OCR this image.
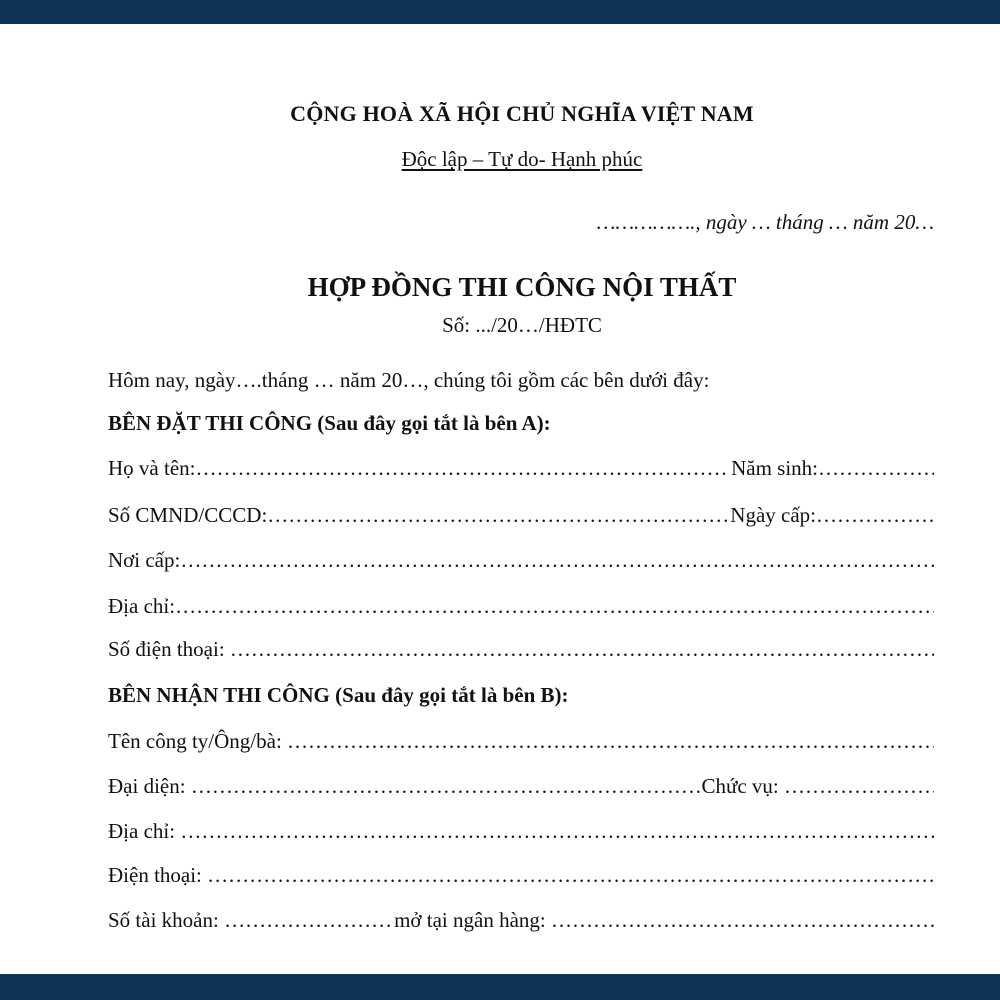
CỘNG HOÀ XÃ HỘI CHỦ NGHĨA VIỆT NAM
Độc lập – Tự do- Hạnh phúc
……………., ngày … tháng … năm 20…
HỢP ĐỒNG THI CÔNG NỘI THẤT
Số: .../20…/HĐTC
Hôm nay, ngày….tháng … năm 20…, chúng tôi gồm các bên dưới đây:
BÊN ĐẶT THI CÔNG (Sau đây gọi tắt là bên A):
Họ và tên: ……………………………………………………………………………………………………………………………………………………………………	Năm sinh:
……………………………………………………………………………………………………………………………………………………………………
Số CMND/CCCD: ……………………………………………………………………………………………………………………………………………………………………	Ngày cấp:
……………………………………………………………………………………………………………………………………………………………………
Nơi cấp:
……………………………………………………………………………………………………………………………………………………………………
Địa chỉ:
……………………………………………………………………………………………………………………………………………………………………
Số điện thoại:
……………………………………………………………………………………………………………………………………………………………………
BÊN NHẬN THI CÔNG (Sau đây gọi tắt là bên B):
Tên công ty/Ông/bà:
……………………………………………………………………………………………………………………………………………………………………
Đại diện: ……………………………………………………………………………………………………………………………………………………………………	Chức vụ:
……………………………………………………………………………………………………………………………………………………………………
Địa chỉ:
……………………………………………………………………………………………………………………………………………………………………
Điện thoại:
……………………………………………………………………………………………………………………………………………………………………
Số tài khoản: ……………………………………………………………………………………………………………………………………………………………………	mở tại ngân hàng:
……………………………………………………………………………………………………………………………………………………………………
